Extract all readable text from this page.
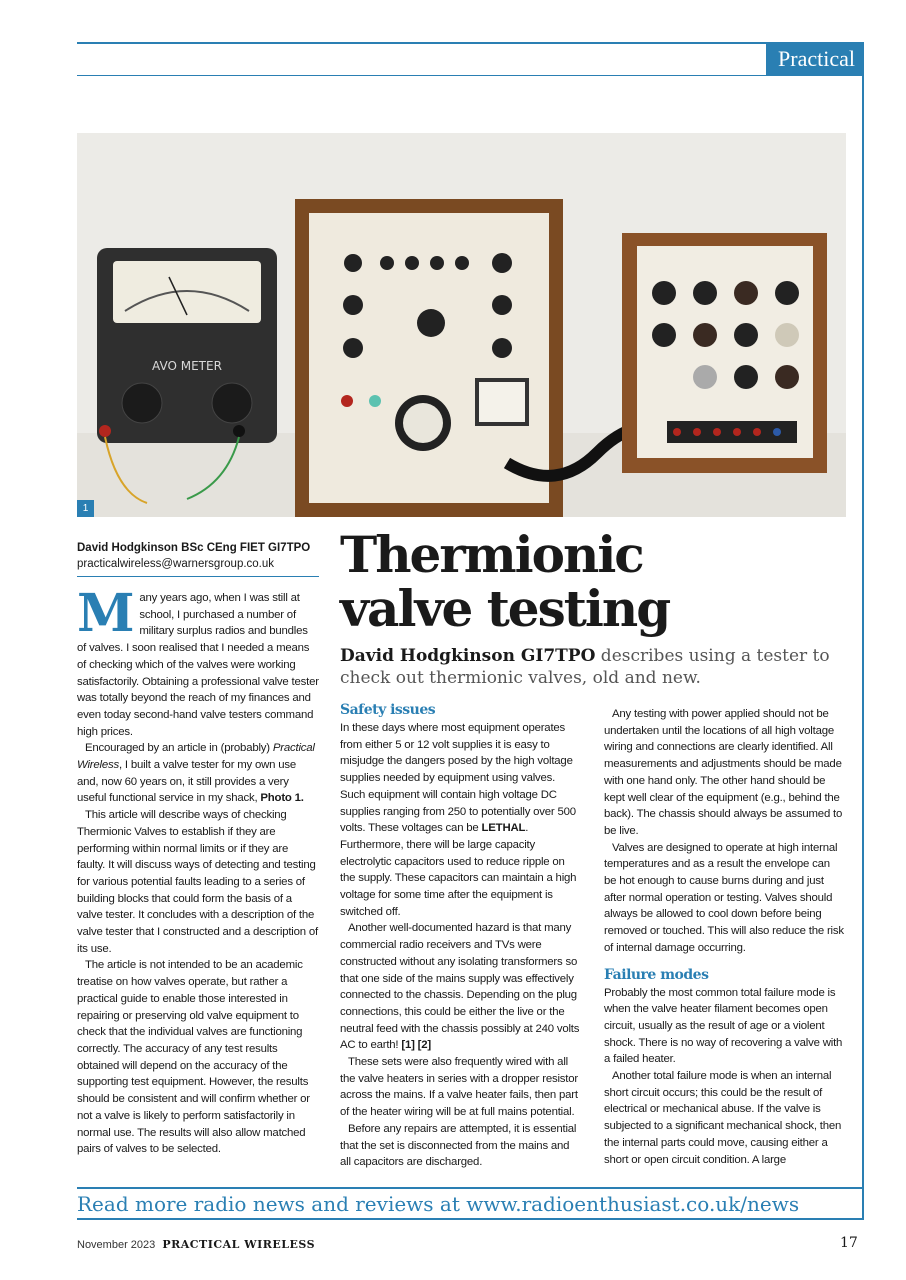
Practical
AVO METER
1
David Hodgkinson BSc CEng FIET GI7TPO
practicalwireless@warnersgroup.co.uk	Thermionic
valve testing
David Hodgkinson GI7TPO describes using a tester to check out thermionic valves, old and new.

Many years ago, when I was still at school, I purchased a number of military surplus radios and bundles of valves. I soon realised that I needed a means of checking which of the valves were working satisfactorily. Obtaining a professional valve tester was totally beyond the reach of my finances and even today second-hand valve testers command high prices.

Encouraged by an article in (probably) Practical Wireless, I built a valve tester for my own use and, now 60 years on, it still provides a very useful functional service in my shack, Photo 1.

This article will describe ways of checking Thermionic Valves to establish if they are performing within normal limits or if they are faulty. It will discuss ways of detecting and testing for various potential faults leading to a series of building blocks that could form the basis of a valve tester. It concludes with a description of the valve tester that I constructed and a description of its use.

The article is not intended to be an academic treatise on how valves operate, but rather a practical guide to enable those interested in repairing or preserving old valve equipment to check that the individual valves are functioning correctly. The accuracy of any test results obtained will depend on the accuracy of the supporting test equipment. However, the results should be consistent and will confirm whether or not a valve is likely to perform satisfactorily in normal use. The results will also allow matched pairs of valves to be selected.

Safety issues

In these days where most equipment operates from either 5 or 12 volt supplies it is easy to misjudge the dangers posed by the high voltage supplies needed by equipment using valves. Such equipment will contain high voltage DC supplies ranging from 250 to potentially over 500 volts. These voltages can be LETHAL. Furthermore, there will be large capacity electrolytic capacitors used to reduce ripple on the supply. These capacitors can maintain a high voltage for some time after the equipment is switched off.

Another well-documented hazard is that many commercial radio receivers and TVs were constructed without any isolating transformers so that one side of the mains supply was effectively connected to the chassis. Depending on the plug connections, this could be either the live or the neutral feed with the chassis possibly at 240 volts AC to earth! [1] [2]

These sets were also frequently wired with all the valve heaters in series with a dropper resistor across the mains. If a valve heater fails, then part of the heater wiring will be at full mains potential.

Before any repairs are attempted, it is essential that the set is disconnected from the mains and all capacitors are discharged.

Any testing with power applied should not be undertaken until the locations of all high voltage wiring and connections are clearly identified. All measurements and adjustments should be made with one hand only. The other hand should be kept well clear of the equipment (e.g., behind the back). The chassis should always be assumed to be live.

Valves are designed to operate at high internal temperatures and as a result the envelope can be hot enough to cause burns during and just after normal operation or testing. Valves should always be allowed to cool down before being removed or touched. This will also reduce the risk of internal damage occurring.

Failure modes

Probably the most common total failure mode is when the valve heater filament becomes open circuit, usually as the result of age or a violent shock. There is no way of recovering a valve with a failed heater.

Another total failure mode is when an internal short circuit occurs; this could be the result of electrical or mechanical abuse. If the valve is subjected to a significant mechanical shock, then the internal parts could move, causing either a short or open circuit condition. A large

Read more radio news and reviews at www.radioenthusiast.co.uk/news
November 2023 PRACTICAL WIRELESS	17
